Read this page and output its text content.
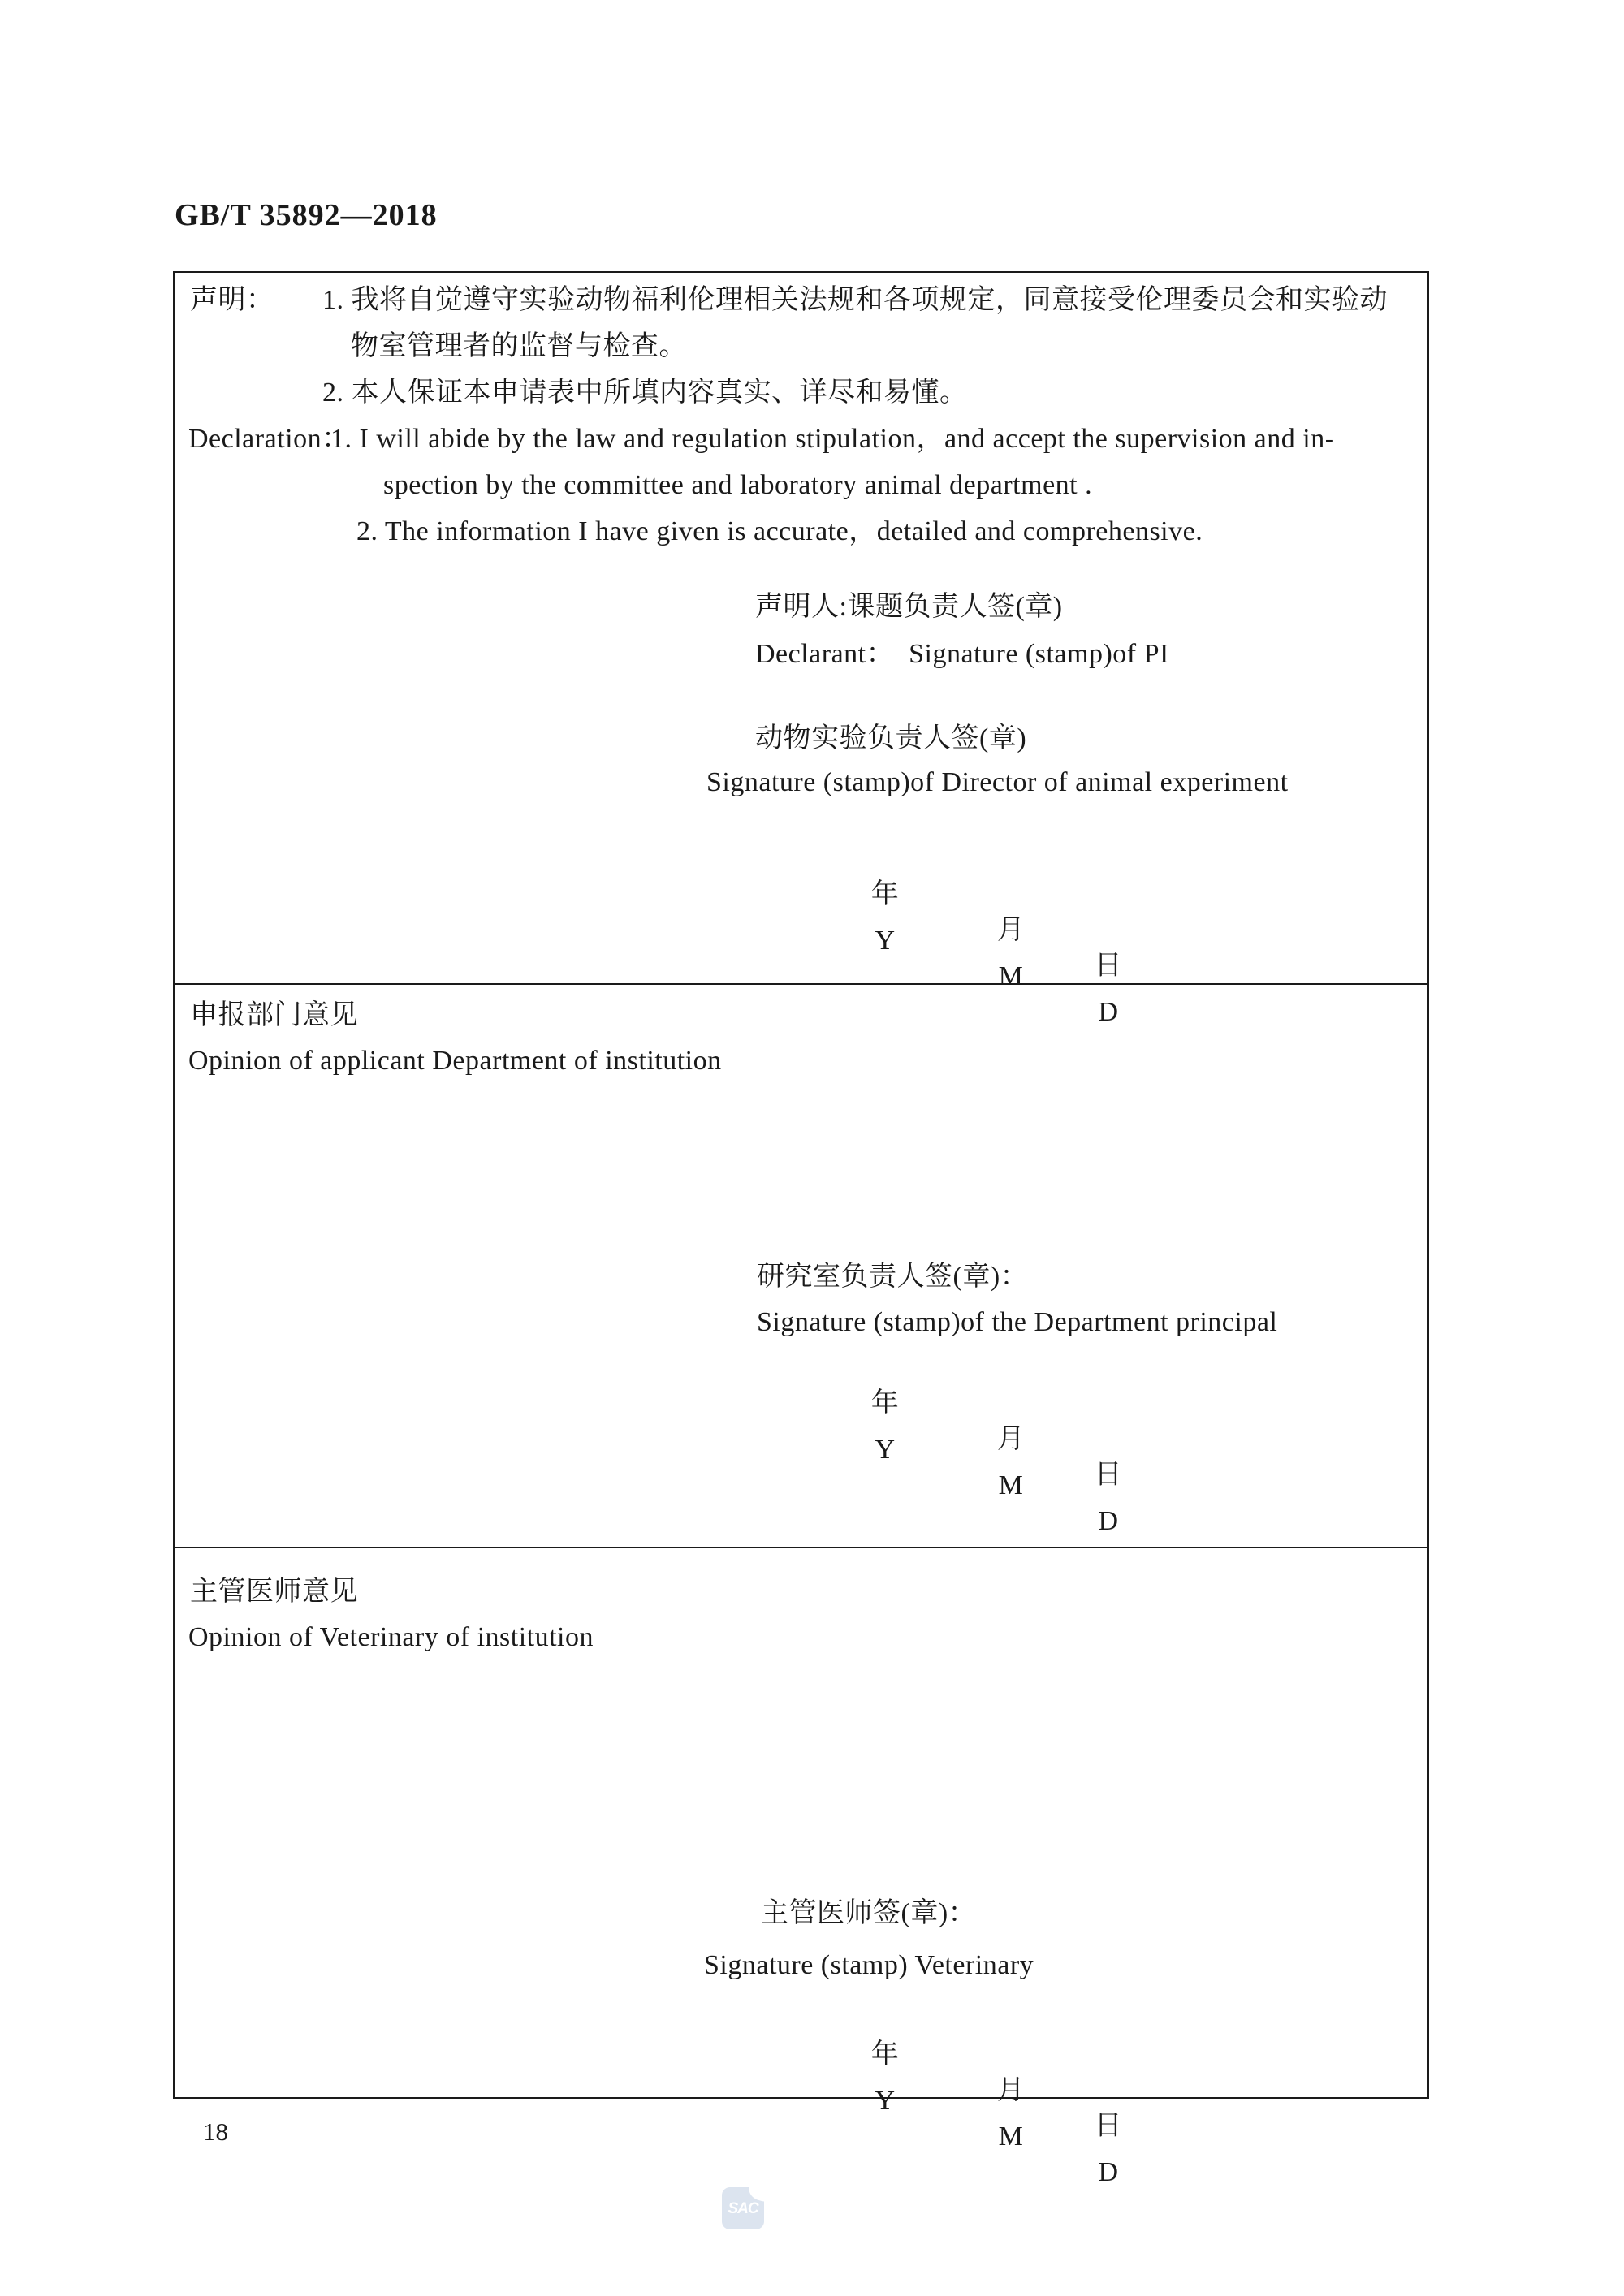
GB/T 35892—2018
声明： 1. 我将自觉遵守实验动物福利伦理相关法规和各项规定，同意接受伦理委员会和实验动
物室管理者的监督与检查。
2. 本人保证本申请表中所填内容真实、详尽和易懂。
Declaration：
1. I will abide by the law and regulation stipulation，and accept the supervision and in-
spection by the committee and laboratory animal department .
2. The information I have given is accurate，detailed and comprehensive.
声明人:课题负责人签(章)
Declarant：  Signature (stamp)of PI
动物实验负责人签(章)
Signature (stamp)of Director of animal experiment

年

月

日

Y

M

D

申报部门意见
Opinion of applicant Department of institution
研究室负责人签(章)：
Signature (stamp)of the Department principal

年

月

日

Y

M

D

主管医师意见
Opinion of Veterinary of institution
主管医师签(章)：
Signature (stamp) Veterinary

年

月

日

Y

M

D

18
SAC
